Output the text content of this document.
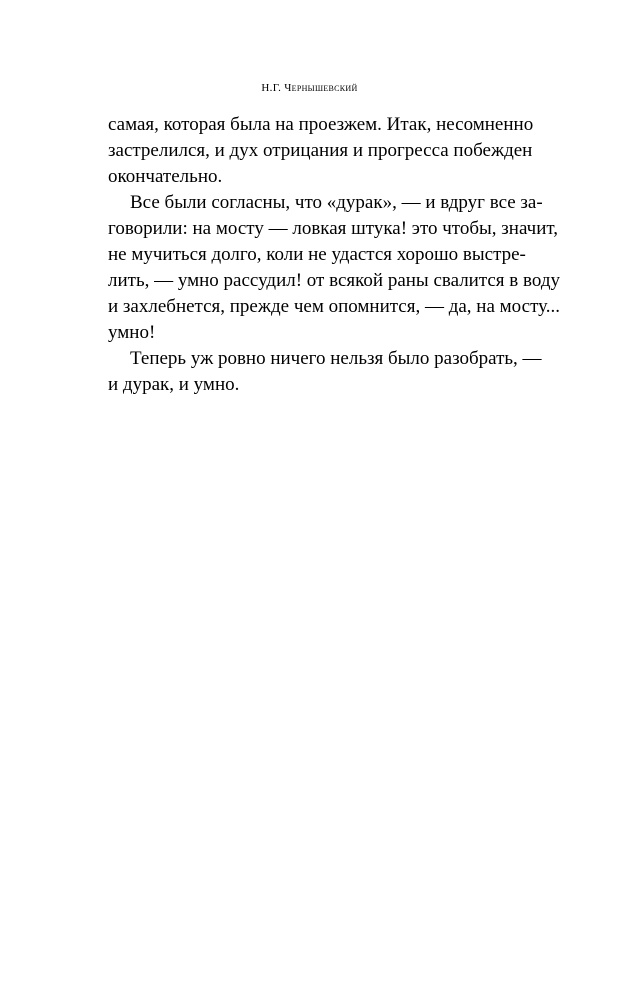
Н.Г. Чернышевский
самая, которая была на проезжем. Итак, несомненно
застрелился, и дух отрицания и прогресса побежден
окончательно.
Все были согласны, что «дурак», — и вдруг все за-
говорили: на мосту — ловкая штука! это чтобы, значит,
не мучиться долго, коли не удастся хорошо выстре-
лить, — умно рассудил! от всякой раны свалится в воду
и захлебнется, прежде чем опомнится, — да, на мосту...
умно!
Теперь уж ровно ничего нельзя было разобрать, —
и дурак, и умно.
